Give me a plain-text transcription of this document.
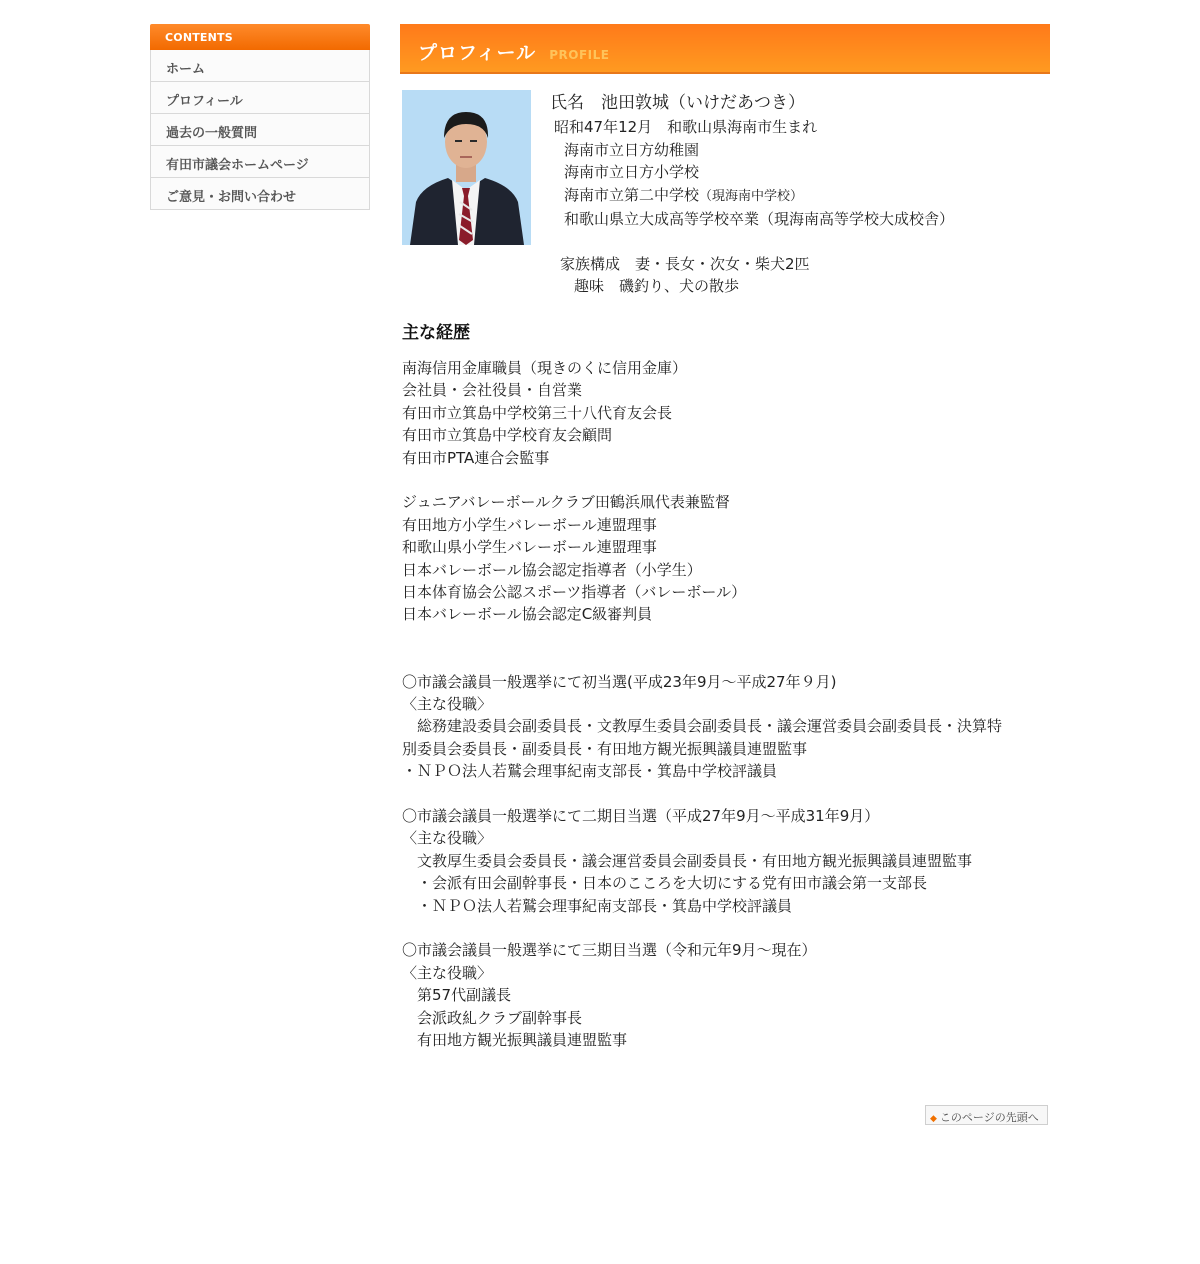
CONTENTS
ホーム
プロフィール
過去の一般質問
有田市議会ホームページ
ご意見・お問い合わせ
プロフィール PROFILE
氏名　池田敦城（いけだあつき）
昭和47年12月　和歌山県海南市生まれ
海南市立日方幼稚園
海南市立日方小学校
海南市立第二中学校（現海南中学校）
和歌山県立大成高等学校卒業（現海南高等学校大成校舎）
家族構成　妻・長女・次女・柴犬2匹
趣味　磯釣り、犬の散歩
主な経歴
南海信用金庫職員（現きのくに信用金庫）
会社員・会社役員・自営業
有田市立箕島中学校第三十八代育友会長
有田市立箕島中学校育友会顧問
有田市PTA連合会監事
ジュニアバレーボールクラブ田鶴浜凧代表兼監督
有田地方小学生バレーボール連盟理事
和歌山県小学生バレーボール連盟理事
日本バレーボール協会認定指導者（小学生）
日本体育協会公認スポーツ指導者（バレーボール）
日本バレーボール協会認定C級審判員
〇市議会議員一般選挙にて初当選(平成23年9月～平成27年９月)
〈主な役職〉
　総務建設委員会副委員長・文教厚生委員会副委員長・議会運営委員会副委員長・決算特
別委員会委員長・副委員長・有田地方観光振興議員連盟監事
・ＮＰＯ法人若鷲会理事紀南支部長・箕島中学校評議員
〇市議会議員一般選挙にて二期目当選（平成27年9月～平成31年9月）
〈主な役職〉
　文教厚生委員会委員長・議会運営委員会副委員長・有田地方観光振興議員連盟監事
　・会派有田会副幹事長・日本のこころを大切にする党有田市議会第一支部長
　・ＮＰＯ法人若鷲会理事紀南支部長・箕島中学校評議員
〇市議会議員一般選挙にて三期目当選（令和元年9月～現在）
〈主な役職〉
　第57代副議長
　会派政糺クラブ副幹事長
　有田地方観光振興議員連盟監事
◆ このページの先頭へ
